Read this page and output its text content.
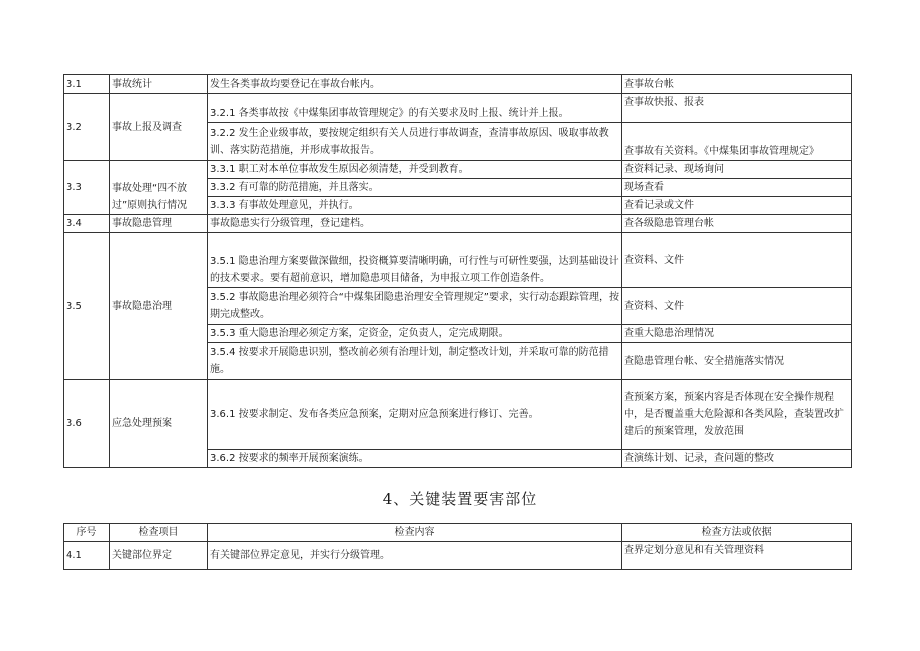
3.1	事故统计	发生各类事故均要登记在事故台帐内。	查事故台帐
3.2	事故上报及调查	3.2.1 各类事故按《中煤集团事故管理规定》的有关要求及时上报、统计并上报。	查事故快报、报表
		3.2.2 发生企业级事故，要按规定组织有关人员进行事故调查，查清事故原因、吸取事故教训、落实防范措施，并形成事故报告。	查事故有关资料。《中煤集团事故管理规定》
3.3	事故处理“四不放过”原则执行情况	3.3.1 职工对本单位事故发生原因必须清楚，并受到教育。	查资料记录、现场询问
		3.3.2 有可靠的防范措施，并且落实。	现场查看
		3.3.3 有事故处理意见，并执行。	查看记录或文件
3.4	事故隐患管理	事故隐患实行分级管理，登记建档。	查各级隐患管理台帐
3.5	事故隐患治理	3.5.1 隐患治理方案要做深做细，投资概算要清晰明确，可行性与可研性要强，达到基础设计的技术要求。要有超前意识，增加隐患项目储备，为申报立项工作创造条件。	查资料、文件
		3.5.2 事故隐患治理必须符合“中煤集团隐患治理安全管理规定”要求，实行动态跟踪管理，按期完成整改。	查资料、文件
		3.5.3 重大隐患治理必须定方案，定资金，定负责人，定完成期限。	查重大隐患治理情况
		3.5.4 按要求开展隐患识别，整改前必须有治理计划，制定整改计划，并采取可靠的防范措施。	查隐患管理台帐、安全措施落实情况
3.6	应急处理预案	3.6.1 按要求制定、发布各类应急预案，定期对应急预案进行修订、完善。	查预案方案，预案内容是否体现在安全操作规程中，是否覆盖重大危险源和各类风险，查装置改扩建后的预案管理，发放范围
		3.6.2 按要求的频率开展预案演练。	查演练计划、记录，查问题的整改
4、关键装置要害部位
序号	检查项目	检查内容	检查方法或依据
4.1	关键部位界定	有关键部位界定意见，并实行分级管理。	查界定划分意见和有关管理资料
